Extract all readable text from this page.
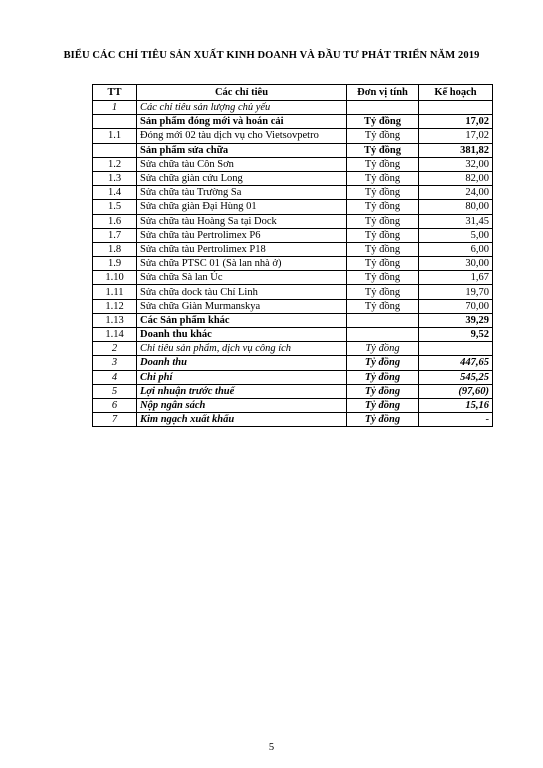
BIỂU CÁC CHỈ TIÊU SẢN XUẤT KINH DOANH VÀ ĐẦU TƯ PHÁT TRIỂN NĂM 2019
TT	Các chỉ tiêu	Đơn vị tính	Kế hoạch
1	Các chỉ tiêu sản lượng chủ yếu		
	Sản phẩm đóng mới và hoán cải	Tỷ đồng	17,02
1.1	Đóng mới 02 tàu dịch vụ cho Vietsovpetro	Tỷ đồng	17,02
	Sản phẩm sửa chữa	Tỷ đồng	381,82
1.2	Sửa chữa tàu Côn Sơn	Tỷ đồng	32,00
1.3	Sửa chữa giàn cứu Long	Tỷ đồng	82,00
1.4	Sửa chữa tàu Trường Sa	Tỷ đồng	24,00
1.5	Sửa chữa giàn Đại Hùng 01	Tỷ đồng	80,00
1.6	Sửa chữa tàu Hoàng Sa tại Dock	Tỷ đồng	31,45
1.7	Sửa chữa tàu Pertrolimex P6	Tỷ đồng	5,00
1.8	Sửa chữa tàu Pertrolimex P18	Tỷ đồng	6,00
1.9	Sửa chữa PTSC 01 (Sà lan nhà ở)	Tỷ đồng	30,00
1.10	Sửa chữa Sà lan Úc	Tỷ đồng	1,67
1.11	Sửa chữa dock tàu Chí Linh	Tỷ đồng	19,70
1.12	Sửa chữa Giàn Murmanskya	Tỷ đồng	70,00
1.13	Các Sản phẩm khác		39,29
1.14	Doanh thu khác		9,52
2	Chỉ tiêu sản phẩm, dịch vụ công ích	Tỷ đồng	
3	Doanh thu	Tỷ đồng	447,65
4	Chi phí	Tỷ đồng	545,25
5	Lợi nhuận trước thuế	Tỷ đồng	(97,60)
6	Nộp ngân sách	Tỷ đồng	15,16
7	Kim ngạch xuất khẩu	Tỷ đồng	-
5
